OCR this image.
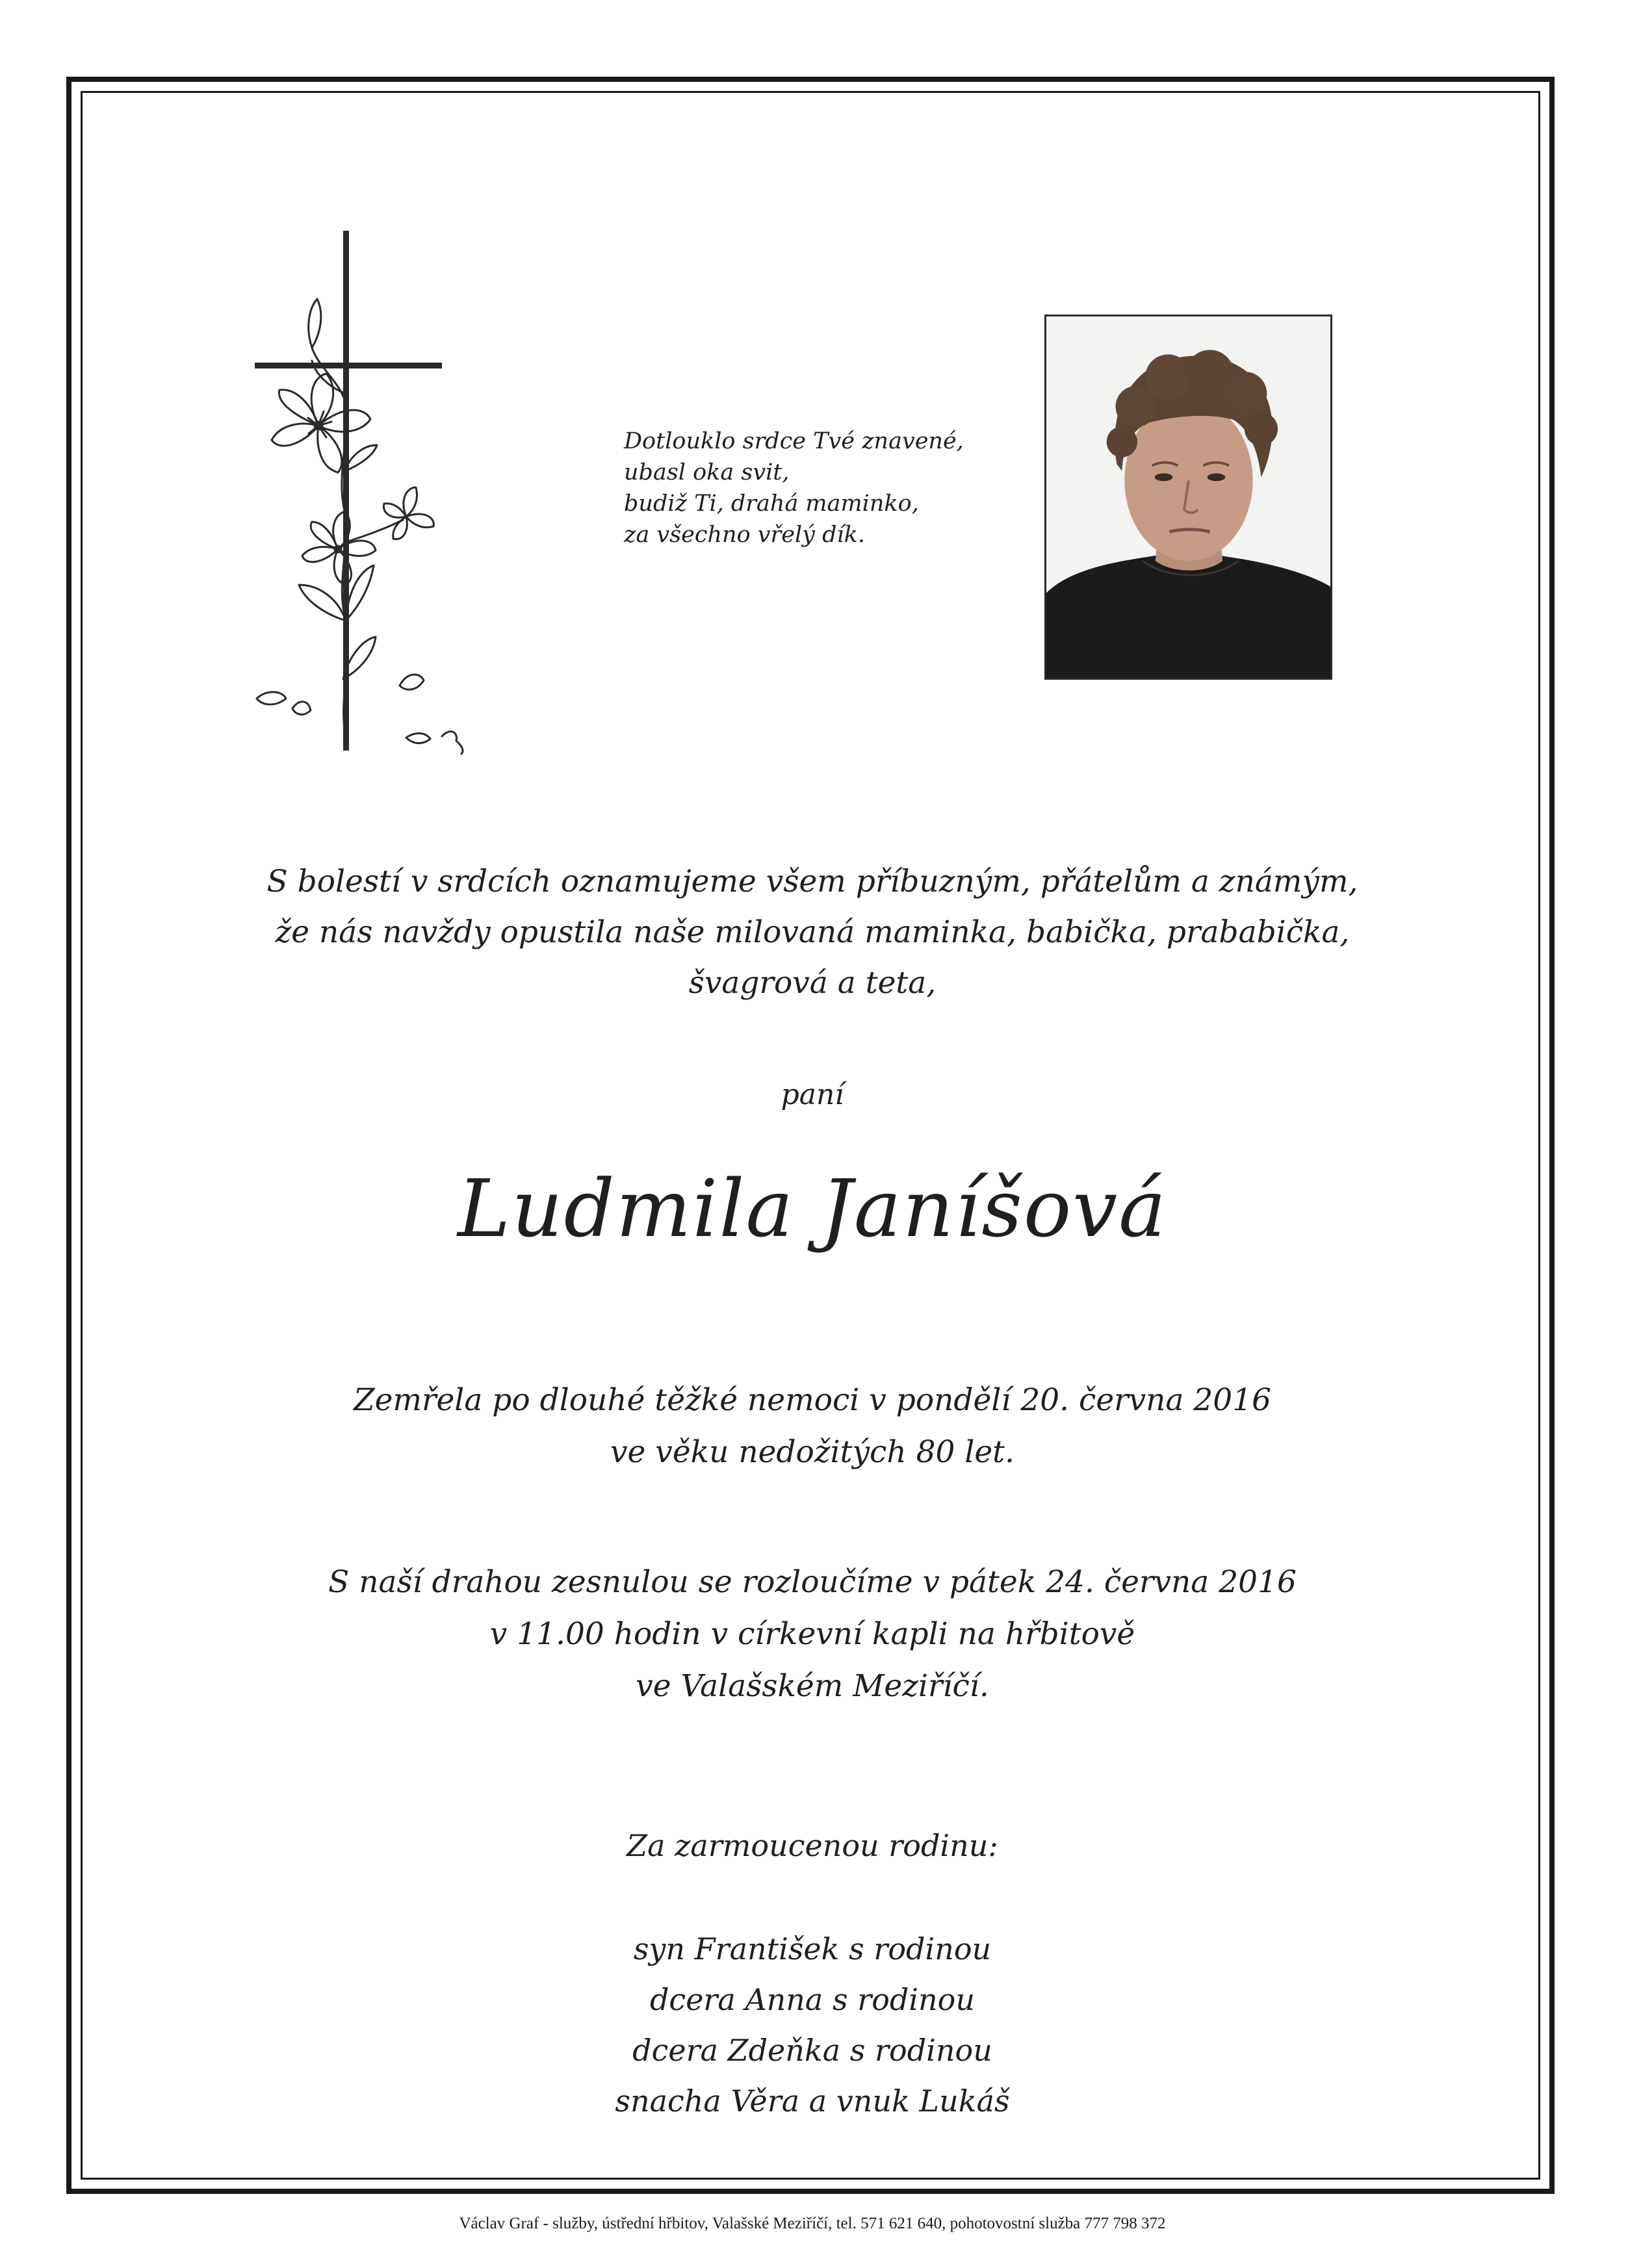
Dotlouklo srdce Tvé znavené,
ubasl oka svit,
budiž Ti, drahá maminko,
za všechno vřelý dík.
S bolestí v srdcích oznamujeme všem příbuzným, přátelům a známým,
že nás navždy opustila naše milovaná maminka, babička, prababička,
švagrová a teta,
paní
Ludmila Janíšová
Zemřela po dlouhé těžké nemoci v pondělí 20. června 2016
ve věku nedožitých 80 let.
S naší drahou zesnulou se rozloučíme v pátek 24. června 2016
v 11.00 hodin v církevní kapli na hřbitově
ve Valašském Meziříčí.
Za zarmoucenou rodinu:
syn František s rodinou
dcera Anna s rodinou
dcera Zdeňka s rodinou
snacha Věra a vnuk Lukáš
Václav Graf - služby, ústřední hřbitov, Valašské Meziříčí, tel. 571 621 640, pohotovostní služba 777 798 372
